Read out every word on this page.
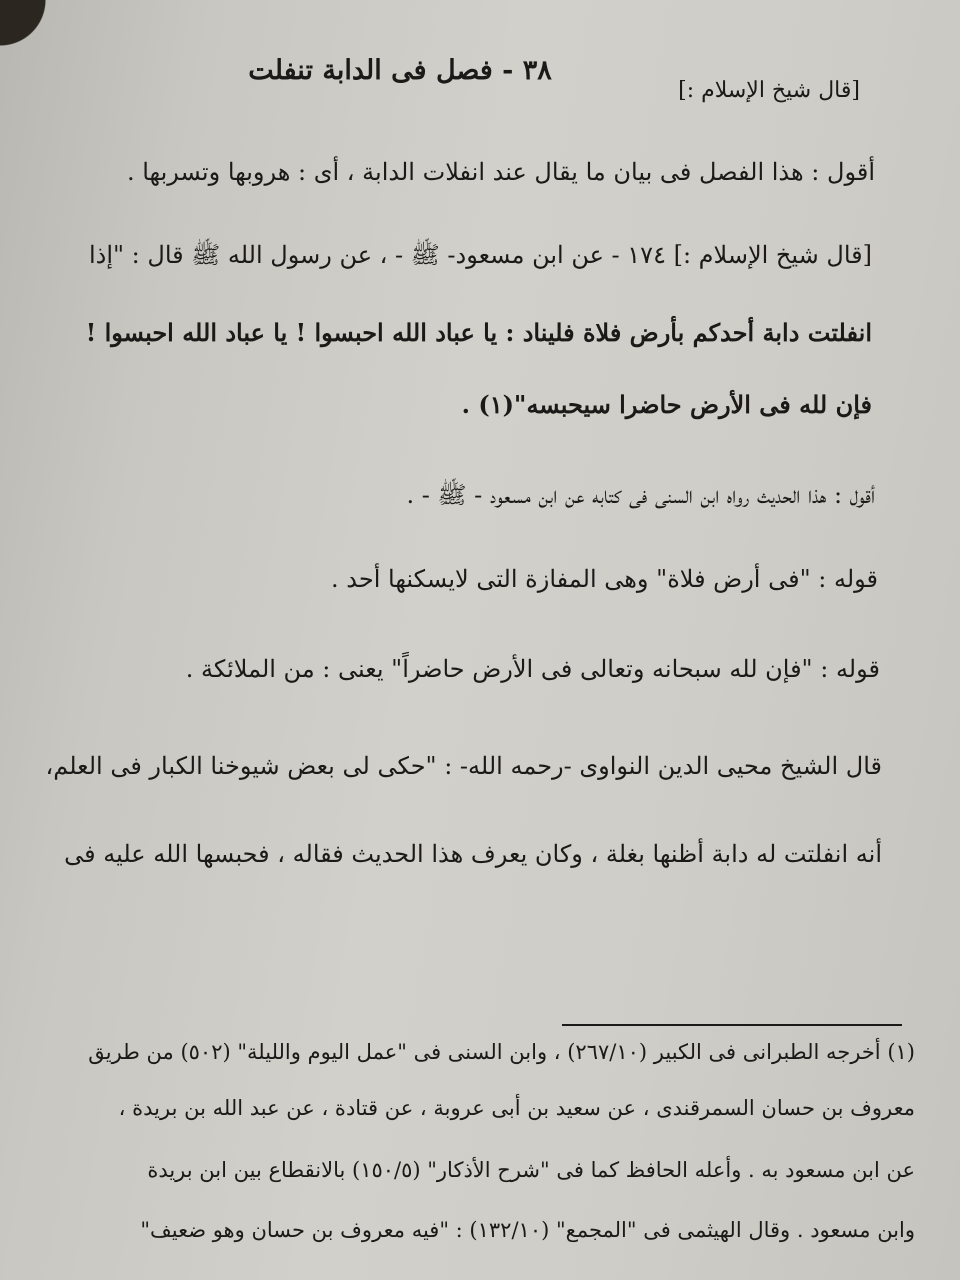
٣٨ - فصل فى الدابة تنفلت
[قال شيخ الإسلام :]
أقول : هذا الفصل فى بيان ما يقال عند انفلات الدابة ، أى : هروبها وتسربها .
[قال شيخ الإسلام :] ١٧٤ - عن ابن مسعود- ﷺ - ، عن رسول الله ﷺ قال : "إذا
انفلتت دابة أحدكم بأرض فلاة فليناد : يا عباد الله احبسوا ! يا عباد الله احبسوا !
فإن لله فى الأرض حاضرا سيحبسه"(١) .
أقول : هذا الحديث رواه ابن السنى فى كتابه عن ابن مسعود - ﷺ - .
قوله : "فى أرض فلاة" وهى المفازة التى لايسكنها أحد .
قوله : "فإن لله سبحانه وتعالى فى الأرض حاضراً" يعنى : من الملائكة .
قال الشيخ محيى الدين النواوى -رحمه الله- : "حكى لى بعض شيوخنا الكبار فى العلم،
أنه انفلتت له دابة أظنها بغلة ، وكان يعرف هذا الحديث فقاله ، فحبسها الله عليه فى
(١) أخرجه الطبرانى فى الكبير (٢٦٧/١٠) ، وابن السنى فى "عمل اليوم والليلة" (٥٠٢) من طريق
معروف بن حسان السمرقندى ، عن سعيد بن أبى عروبة ، عن قتادة ، عن عبد الله بن بريدة ،
عن ابن مسعود به . وأعله الحافظ كما فى "شرح الأذكار" (١٥٠/٥) بالانقطاع بين ابن بريدة
وابن مسعود . وقال الهيثمى فى "المجمع" (١٣٢/١٠) : "فيه معروف بن حسان وهو ضعيف"
